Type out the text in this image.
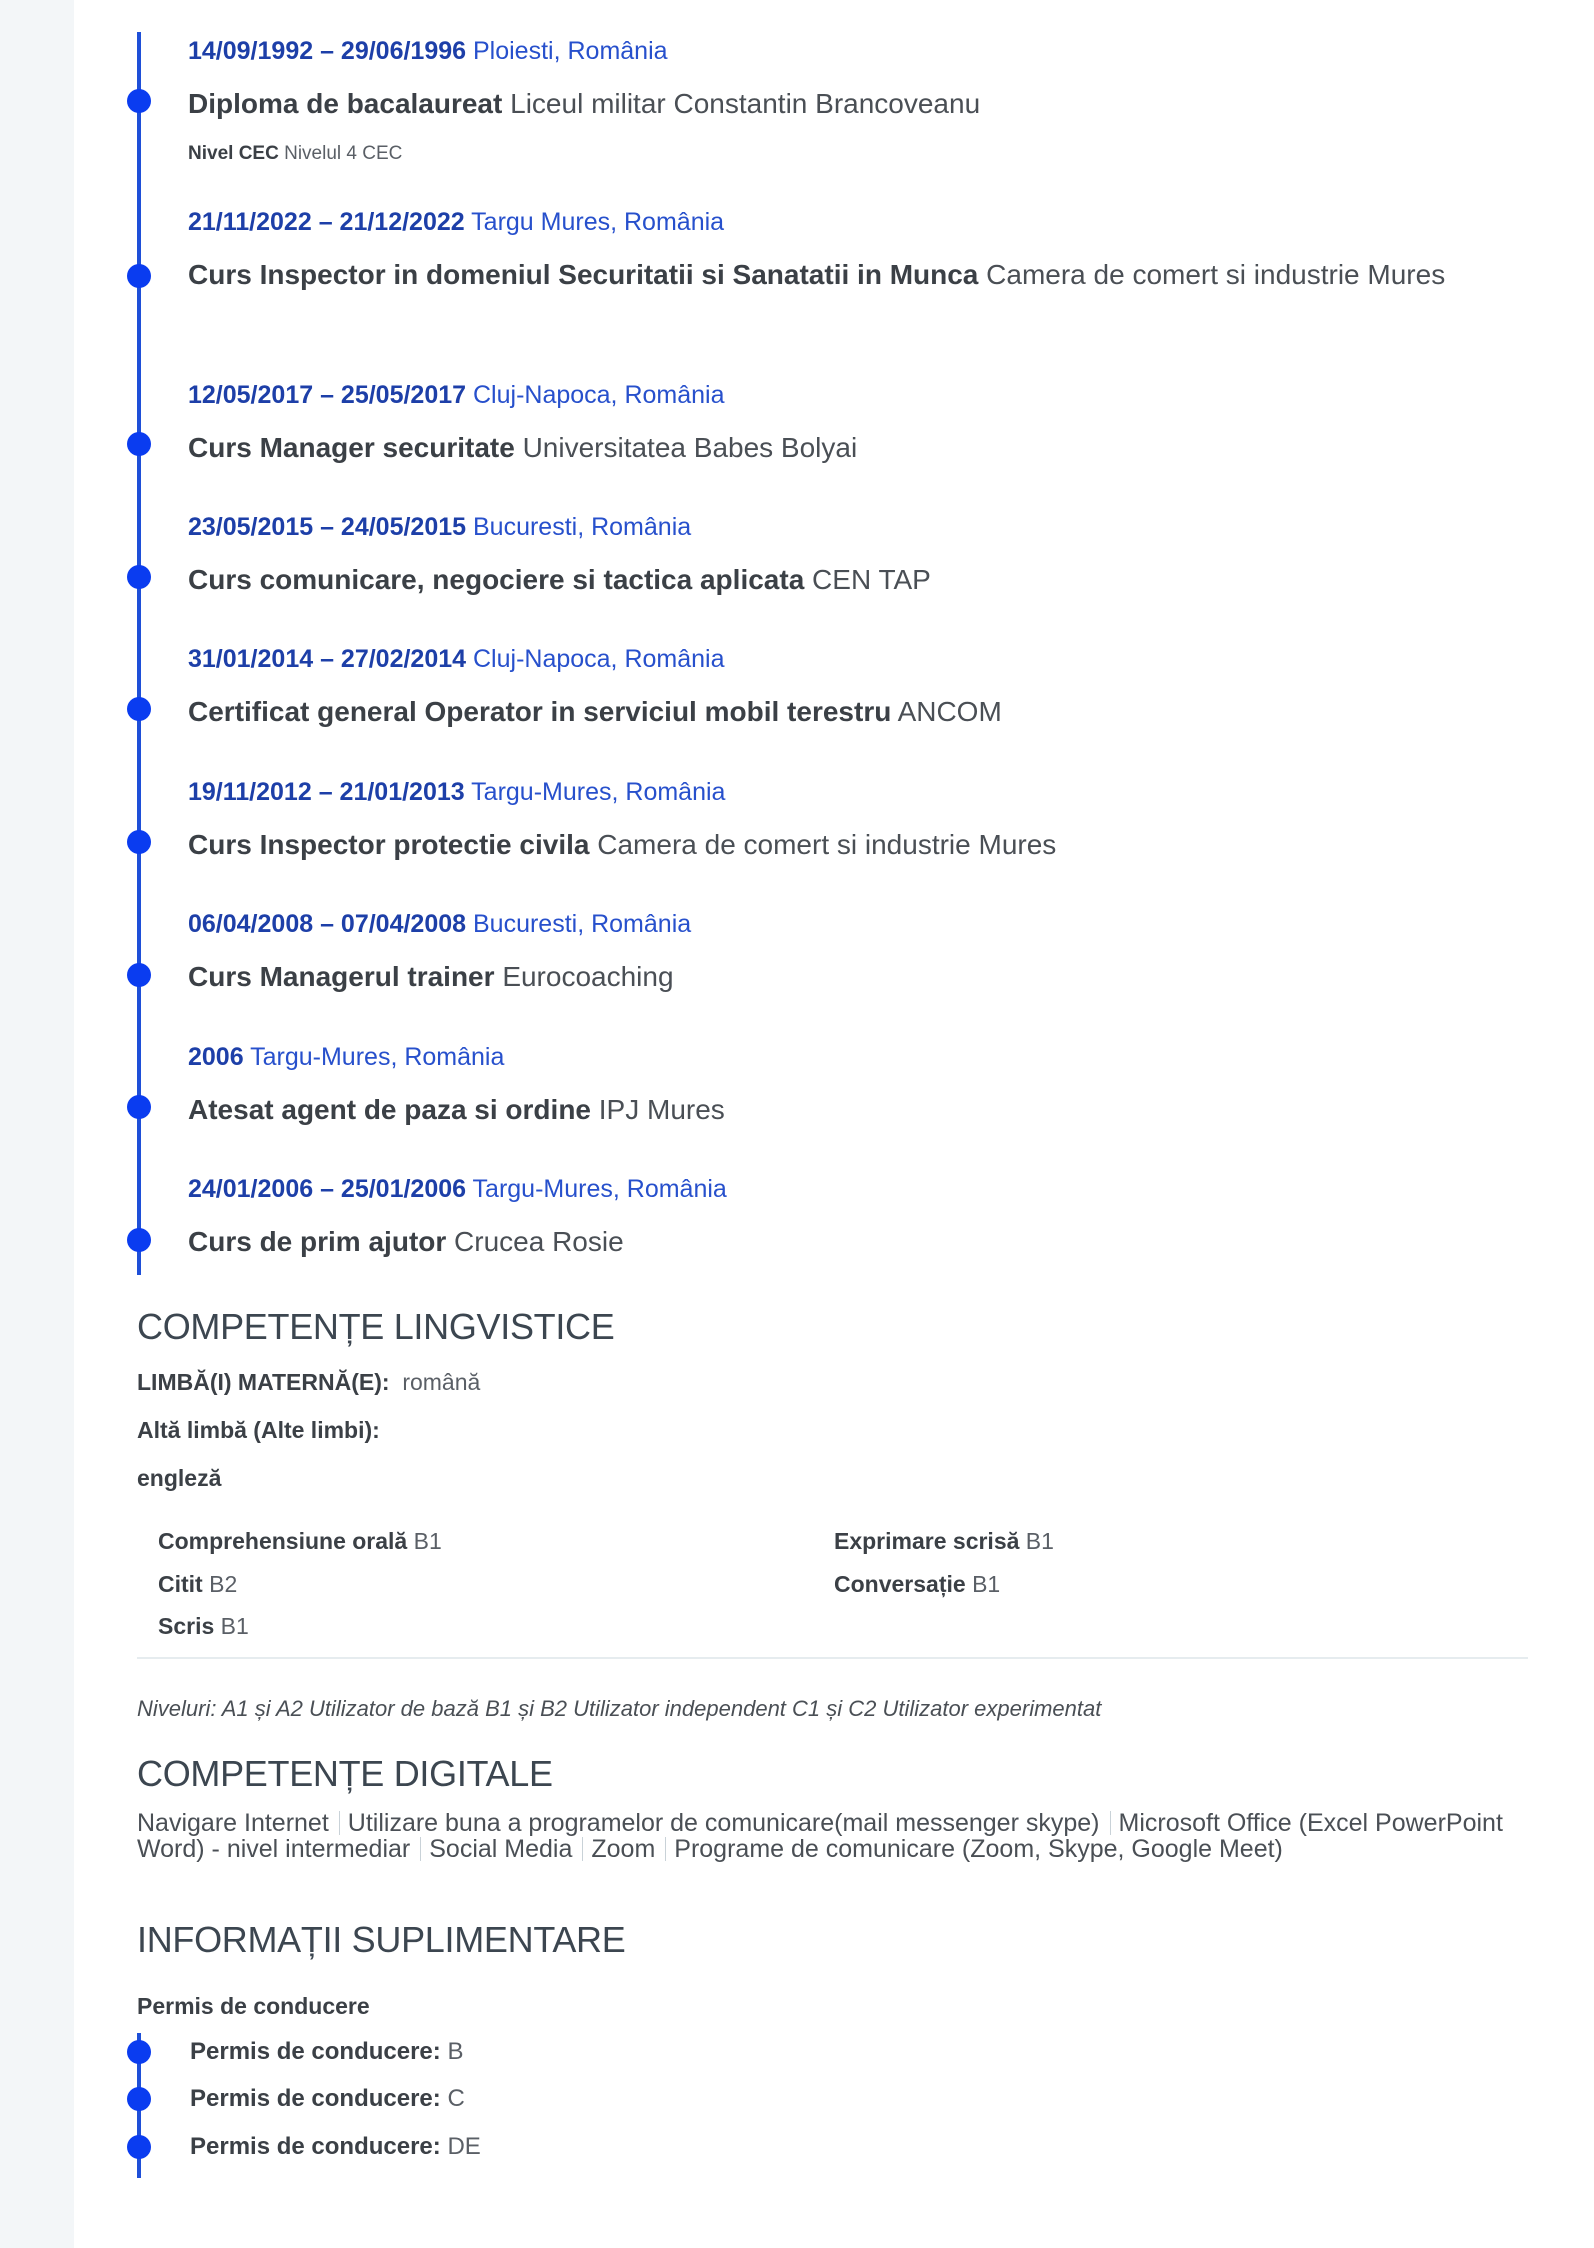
14/09/1992 – 29/06/1996 Ploiesti, România
Diploma de bacalaureat Liceul militar Constantin Brancoveanu
Nivel CEC Nivelul 4 CEC
21/11/2022 – 21/12/2022 Targu Mures, România
Curs Inspector in domeniul Securitatii si Sanatatii in Munca Camera de comert si industrie Mures
12/05/2017 – 25/05/2017 Cluj-Napoca, România
Curs Manager securitate Universitatea Babes Bolyai
23/05/2015 – 24/05/2015 Bucuresti, România
Curs comunicare, negociere si tactica aplicata CEN TAP
31/01/2014 – 27/02/2014 Cluj-Napoca, România
Certificat general Operator in serviciul mobil terestru ANCOM
19/11/2012 – 21/01/2013 Targu-Mures, România
Curs Inspector protectie civila Camera de comert si industrie Mures
06/04/2008 – 07/04/2008 Bucuresti, România
Curs Managerul trainer Eurocoaching
2006 Targu-Mures, România
Atesat agent de paza si ordine IPJ Mures
24/01/2006 – 25/01/2006 Targu-Mures, România
Curs de prim ajutor Crucea Rosie
COMPETENȚE LINGVISTICE
LIMBĂ(I) MATERNĂ(E): română
Altă limbă (Alte limbi):
engleză
Comprehensiune orală B1
Citit B2
Scris B1
Exprimare scrisă B1
Conversație B1
Niveluri: A1 și A2 Utilizator de bază B1 și B2 Utilizator independent C1 și C2 Utilizator experimentat
COMPETENȚE DIGITALE
Navigare Internet Utilizare buna a programelor de comunicare(mail messenger skype) Microsoft Office (Excel PowerPoint Word) - nivel intermediar Social Media Zoom Programe de comunicare (Zoom, Skype, Google Meet)
INFORMAȚII SUPLIMENTARE
Permis de conducere
Permis de conducere: B
Permis de conducere: C
Permis de conducere: DE
